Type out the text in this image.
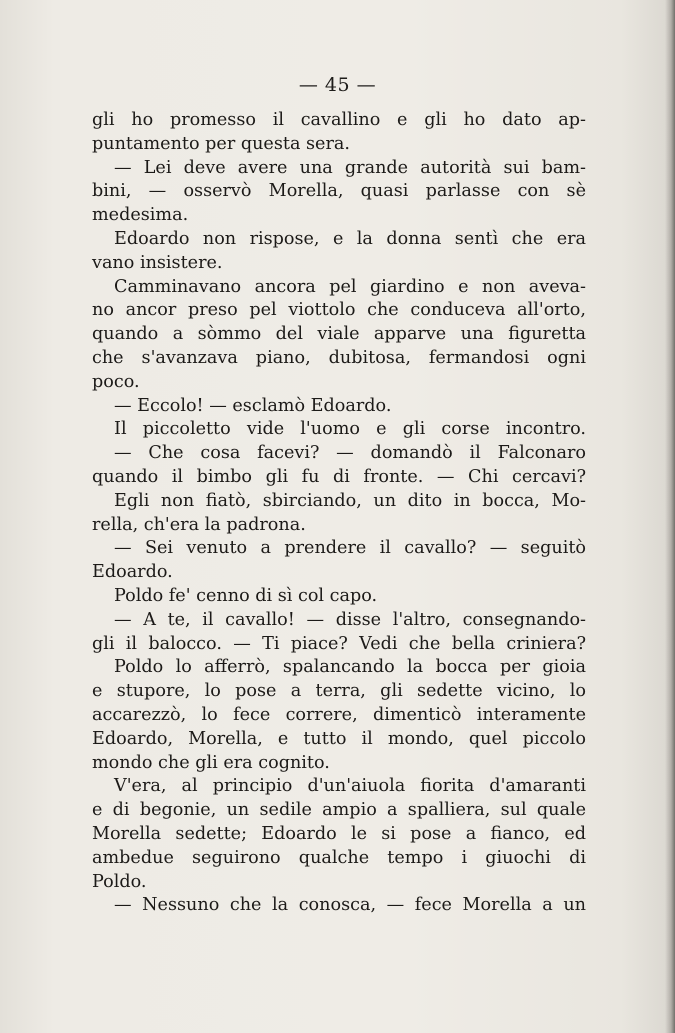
— 45 —
gli ho promesso il cavallino e gli ho dato ap-
puntamento per questa sera.
— Lei deve avere una grande autorità sui bam-
bini, — osservò Morella, quasi parlasse con sè
medesima.
Edoardo non rispose, e la donna sentì che era
vano insistere.
Camminavano ancora pel giardino e non aveva-
no ancor preso pel viottolo che conduceva all'orto,
quando a sòmmo del viale apparve una figuretta
che s'avanzava piano, dubitosa, fermandosi ogni
poco.
— Eccolo! — esclamò Edoardo.
Il piccoletto vide l'uomo e gli corse incontro.
— Che cosa facevi? — domandò il Falconaro
quando il bimbo gli fu di fronte. — Chi cercavi?
Egli non fiatò, sbirciando, un dito in bocca, Mo-
rella, ch'era la padrona.
— Sei venuto a prendere il cavallo? — seguitò
Edoardo.
Poldo fe' cenno di sì col capo.
— A te, il cavallo! — disse l'altro, consegnando-
gli il balocco. — Ti piace? Vedi che bella criniera?
Poldo lo afferrò, spalancando la bocca per gioia
e stupore, lo pose a terra, gli sedette vicino, lo
accarezzò, lo fece correre, dimenticò interamente
Edoardo, Morella, e tutto il mondo, quel piccolo
mondo che gli era cognito.
V'era, al principio d'un'aiuola fiorita d'amaranti
e di begonie, un sedile ampio a spalliera, sul quale
Morella sedette; Edoardo le si pose a fianco, ed
ambedue seguirono qualche tempo i giuochi di
Poldo.
— Nessuno che la conosca, — fece Morella a un
